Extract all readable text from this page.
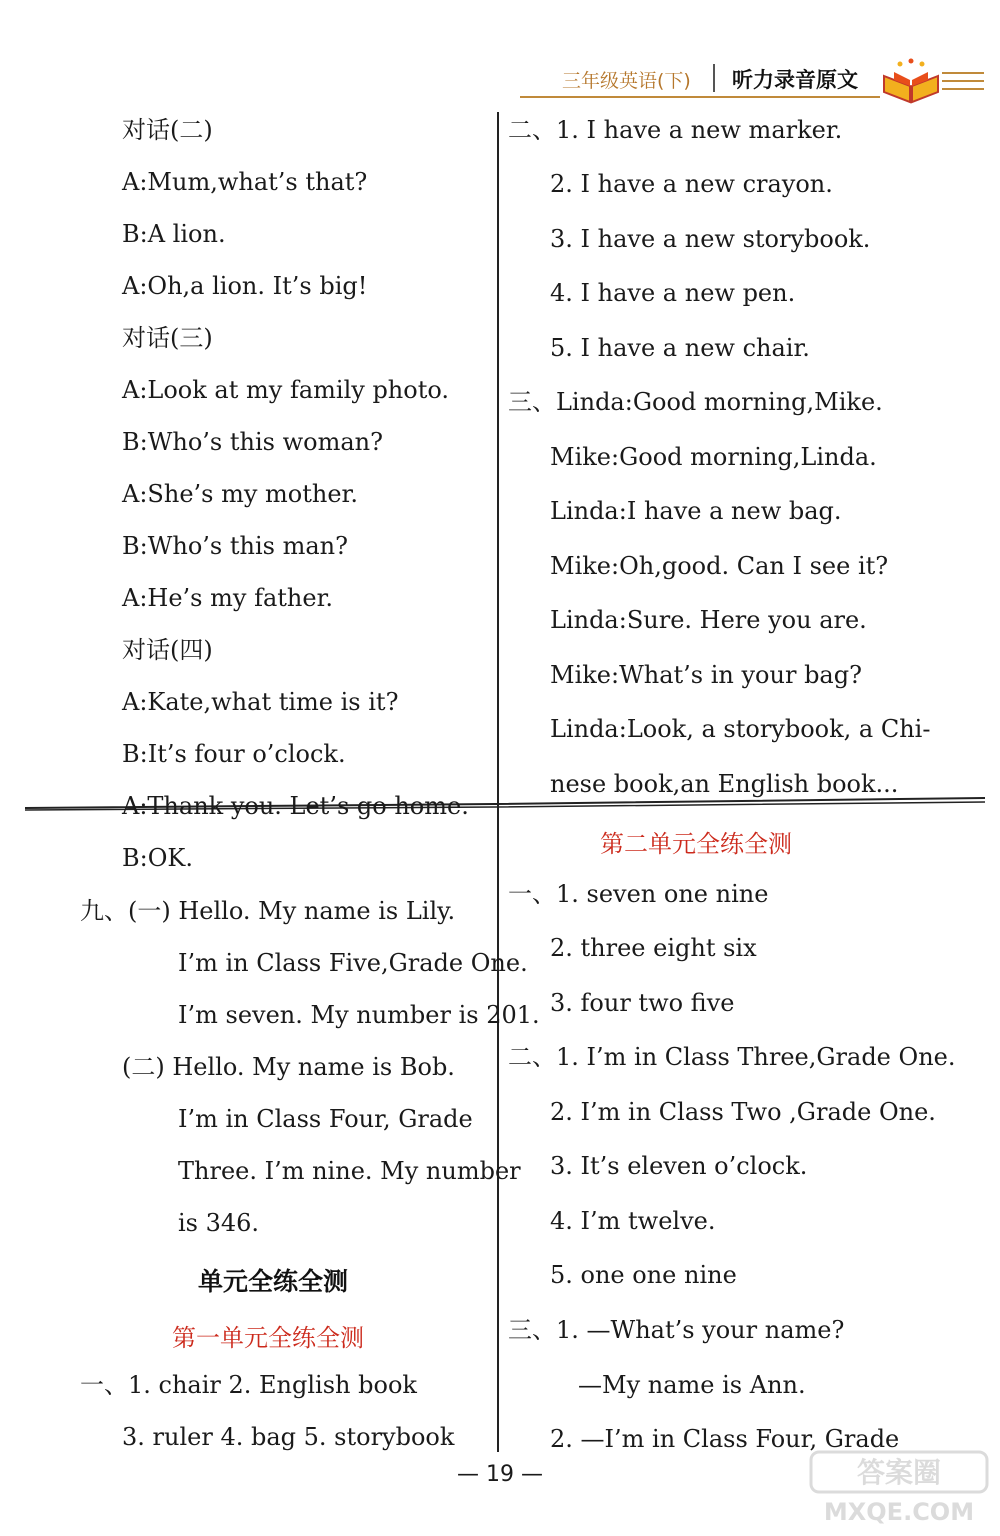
三年级英语(下) 听力录音原文
对话(二)
A:Mum,what’s that?
B:A lion.
A:Oh,a lion. It’s big!
对话(三)
A:Look at my family photo.
B:Who’s this woman?
A:She’s my mother.
B:Who’s this man?
A:He’s my father.
对话(四)
A:Kate,what time is it?
B:It’s four o’clock.
A:Thank you. Let’s go home.
B:OK.
九、(一) Hello. My name is Lily.
I’m in Class Five,Grade One.
I’m seven. My number is 201.
(二) Hello. My name is Bob.
I’m in Class Four, Grade
Three. I’m nine. My number
is 346.
一、1. chair 2. English book
3. ruler 4. bag 5. storybook
单元全练全测
第一单元全练全测
二、1. I have a new marker.
2. I have a new crayon.
3. I have a new storybook.
4. I have a new pen.
5. I have a new chair.
三、Linda:Good morning,Mike.
Mike:Good morning,Linda.
Linda:I have a new bag.
Mike:Oh,good. Can I see it?
Linda:Sure. Here you are.
Mike:What’s in your bag?
Linda:Look, a storybook, a Chi-
nese book,an English book...
一、1. seven one nine
2. three eight six
3. four two five
二、1. I’m in Class Three,Grade One.
2. I’m in Class Two ,Grade One.
3. It’s eleven o’clock.
4. I’m twelve.
5. one one nine
三、1. —What’s your name?
—My name is Ann.
2. —I’m in Class Four, Grade
第二单元全练全测
— 19 —	答案圈
MXQE.COM
